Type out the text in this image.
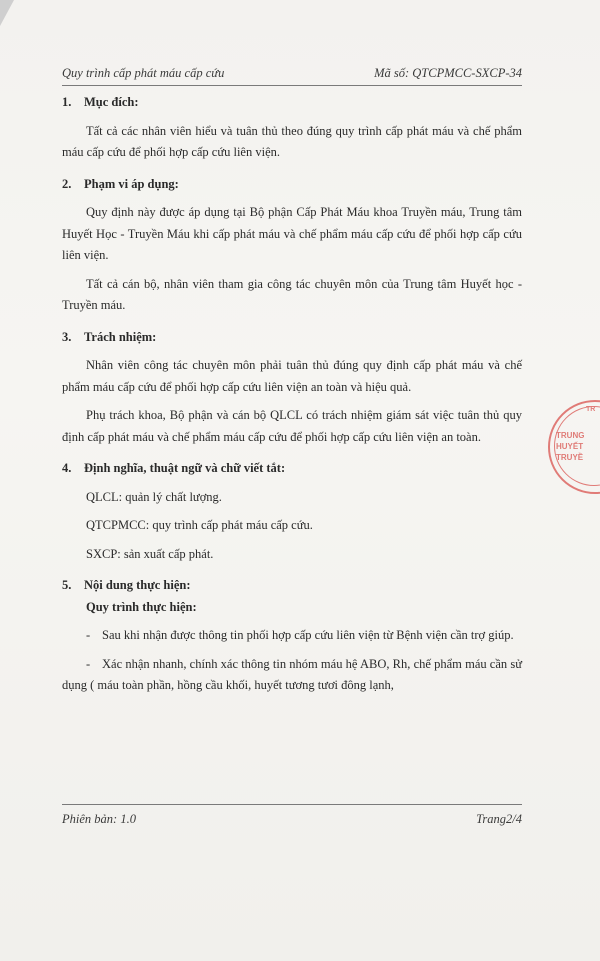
Quy trình cấp phát máu cấp cứu	Mã số: QTCPMCC-SXCP-34

1. Mục đích:

Tất cả các nhân viên hiểu và tuân thủ theo đúng quy trình cấp phát máu và chế phẩm máu cấp cứu để phối hợp cấp cứu liên viện.

2. Phạm vi áp dụng:

Quy định này được áp dụng tại Bộ phận Cấp Phát Máu khoa Truyền máu, Trung tâm Huyết Học - Truyền Máu khi cấp phát máu và chế phẩm máu cấp cứu để phối hợp cấp cứu liên viện.

Tất cả cán bộ, nhân viên tham gia công tác chuyên môn của Trung tâm Huyết học - Truyền máu.

3. Trách nhiệm:

Nhân viên công tác chuyên môn phải tuân thủ đúng quy định cấp phát máu và chế phẩm máu cấp cứu để phối hợp cấp cứu liên viện an toàn và hiệu quả.

Phụ trách khoa, Bộ phận và cán bộ QLCL có trách nhiệm giám sát việc tuân thủ quy định cấp phát máu và chế phẩm máu cấp cứu để phối hợp cấp cứu liên viện an toàn.

4. Định nghĩa, thuật ngữ và chữ viết tắt:

QLCL: quản lý chất lượng.

QTCPMCC: quy trình cấp phát máu cấp cứu.

SXCP: sản xuất cấp phát.

5. Nội dung thực hiện:

Quy trình thực hiện:

- Sau khi nhận được thông tin phối hợp cấp cứu liên viện từ Bệnh viện cần trợ giúp.

- Xác nhận nhanh, chính xác thông tin nhóm máu hệ ABO, Rh, chế phẩm máu cần sử dụng ( máu toàn phần, hồng cầu khối, huyết tương tươi đông lạnh,

Phiên bản: 1.0	Trang2/4
TR
TRUNG
HUYẾT
TRUYỀ
